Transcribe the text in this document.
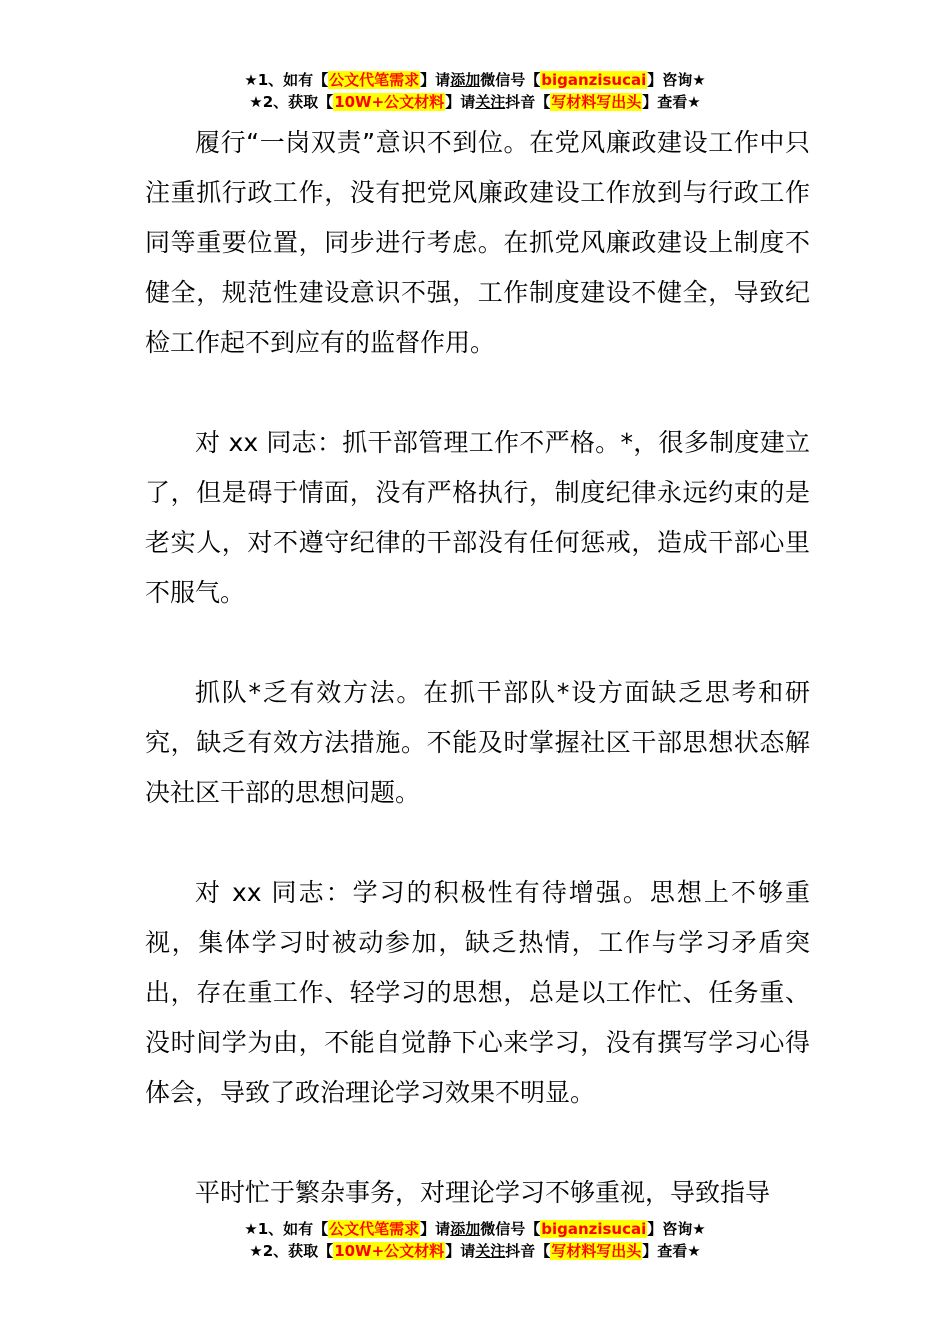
★1、如有【公文代笔需求】请添加微信号【biganzisucai】咨询★
★2、获取【10W+公文材料】请关注抖音【写材料写出头】查看★

履行“一岗双责”意识不到位。在党风廉政建设工作中只注重抓行政工作，没有把党风廉政建设工作放到与行政工作同等重要位置，同步进行考虑。在抓党风廉政建设上制度不健全，规范性建设意识不强，工作制度建设不健全，导致纪检工作起不到应有的监督作用。

对 xx 同志：抓干部管理工作不严格。*，很多制度建立了，但是碍于情面，没有严格执行，制度纪律永远约束的是老实人，对不遵守纪律的干部没有任何惩戒，造成干部心里不服气。

抓队*乏有效方法。在抓干部队*设方面缺乏思考和研究，缺乏有效方法措施。不能及时掌握社区干部思想状态解决社区干部的思想问题。

对 xx 同志：学习的积极性有待增强。思想上不够重视，集体学习时被动参加，缺乏热情，工作与学习矛盾突出，存在重工作、轻学习的思想，总是以工作忙、任务重、没时间学为由，不能自觉静下心来学习，没有撰写学习心得体会，导致了政治理论学习效果不明显。

平时忙于繁杂事务，对理论学习不够重视，导致指导

★1、如有【公文代笔需求】请添加微信号【biganzisucai】咨询★
★2、获取【10W+公文材料】请关注抖音【写材料写出头】查看★
